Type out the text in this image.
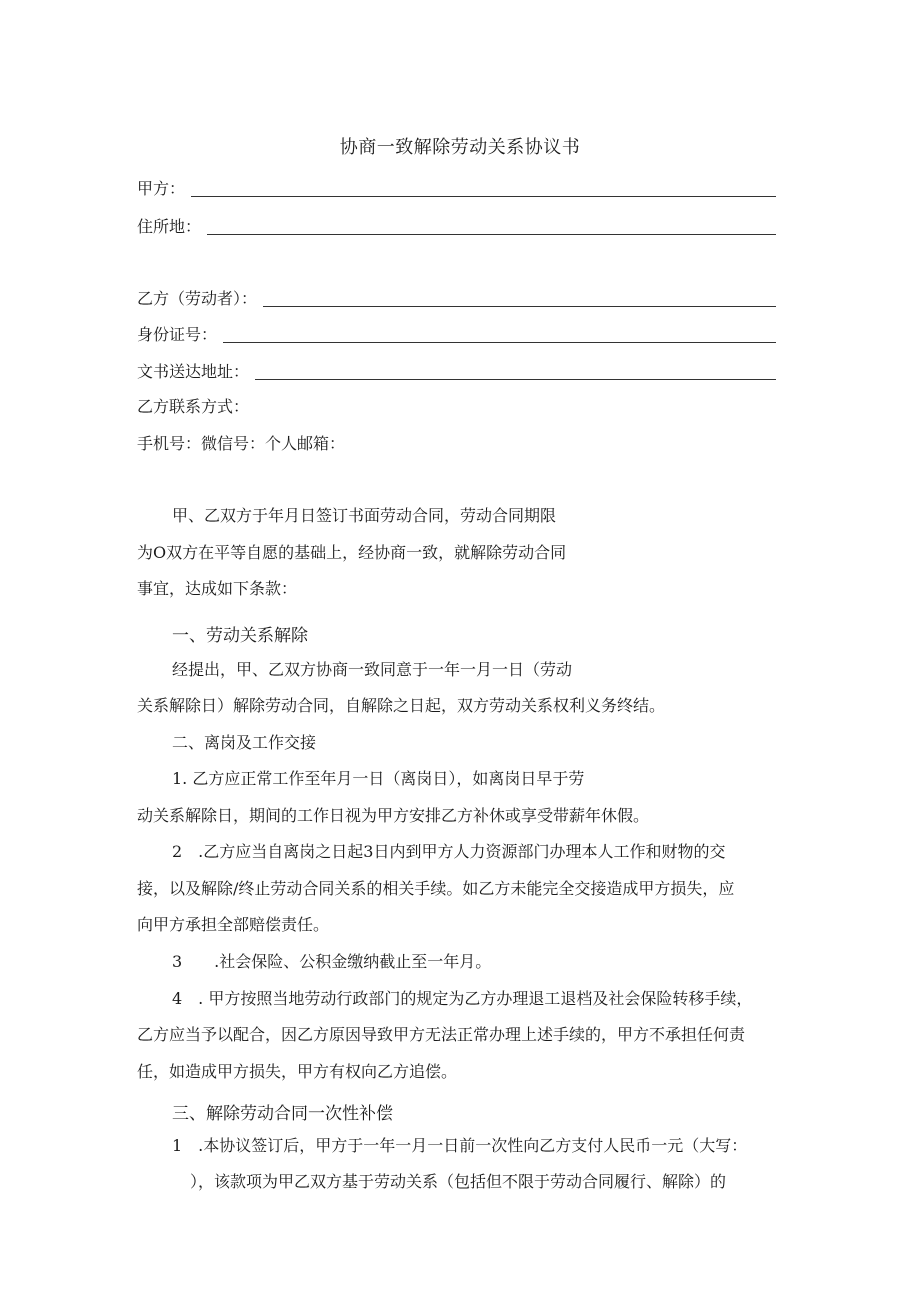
协商一致解除劳动关系协议书
甲方：
住所地：
乙方（劳动者）：
身份证号：
文书送达地址：
乙方联系方式：
手机号：微信号：个人邮箱：
甲、乙双方于年月日签订书面劳动合同，劳动合同期限
为O双方在平等自愿的基础上，经协商一致，就解除劳动合同
事宜，达成如下条款：
一、劳动关系解除
经提出，甲、乙双方协商一致同意于一年一月一日（劳动
关系解除日）解除劳动合同，自解除之日起，双方劳动关系权利义务终结。
二、离岗及工作交接
1. 乙方应正常工作至年月一日（离岗日），如离岗日早于劳
动关系解除日，期间的工作日视为甲方安排乙方补休或享受带薪年休假。
2　.乙方应当自离岗之日起3日内到甲方人力资源部门办理本人工作和财物的交
接，以及解除/终止劳动合同关系的相关手续。如乙方未能完全交接造成甲方损失，应
向甲方承担全部赔偿责任。
3　　.社会保险、公积金缴纳截止至一年月。
4　. 甲方按照当地劳动行政部门的规定为乙方办理退工退档及社会保险转移手续，
乙方应当予以配合，因乙方原因导致甲方无法正常办理上述手续的，甲方不承担任何责
任，如造成甲方损失，甲方有权向乙方追偿。
三、解除劳动合同一次性补偿
1　.本协议签订后，甲方于一年一月一日前一次性向乙方支付人民币一元（大写：
），该款项为甲乙双方基于劳动关系（包括但不限于劳动合同履行、解除）的
